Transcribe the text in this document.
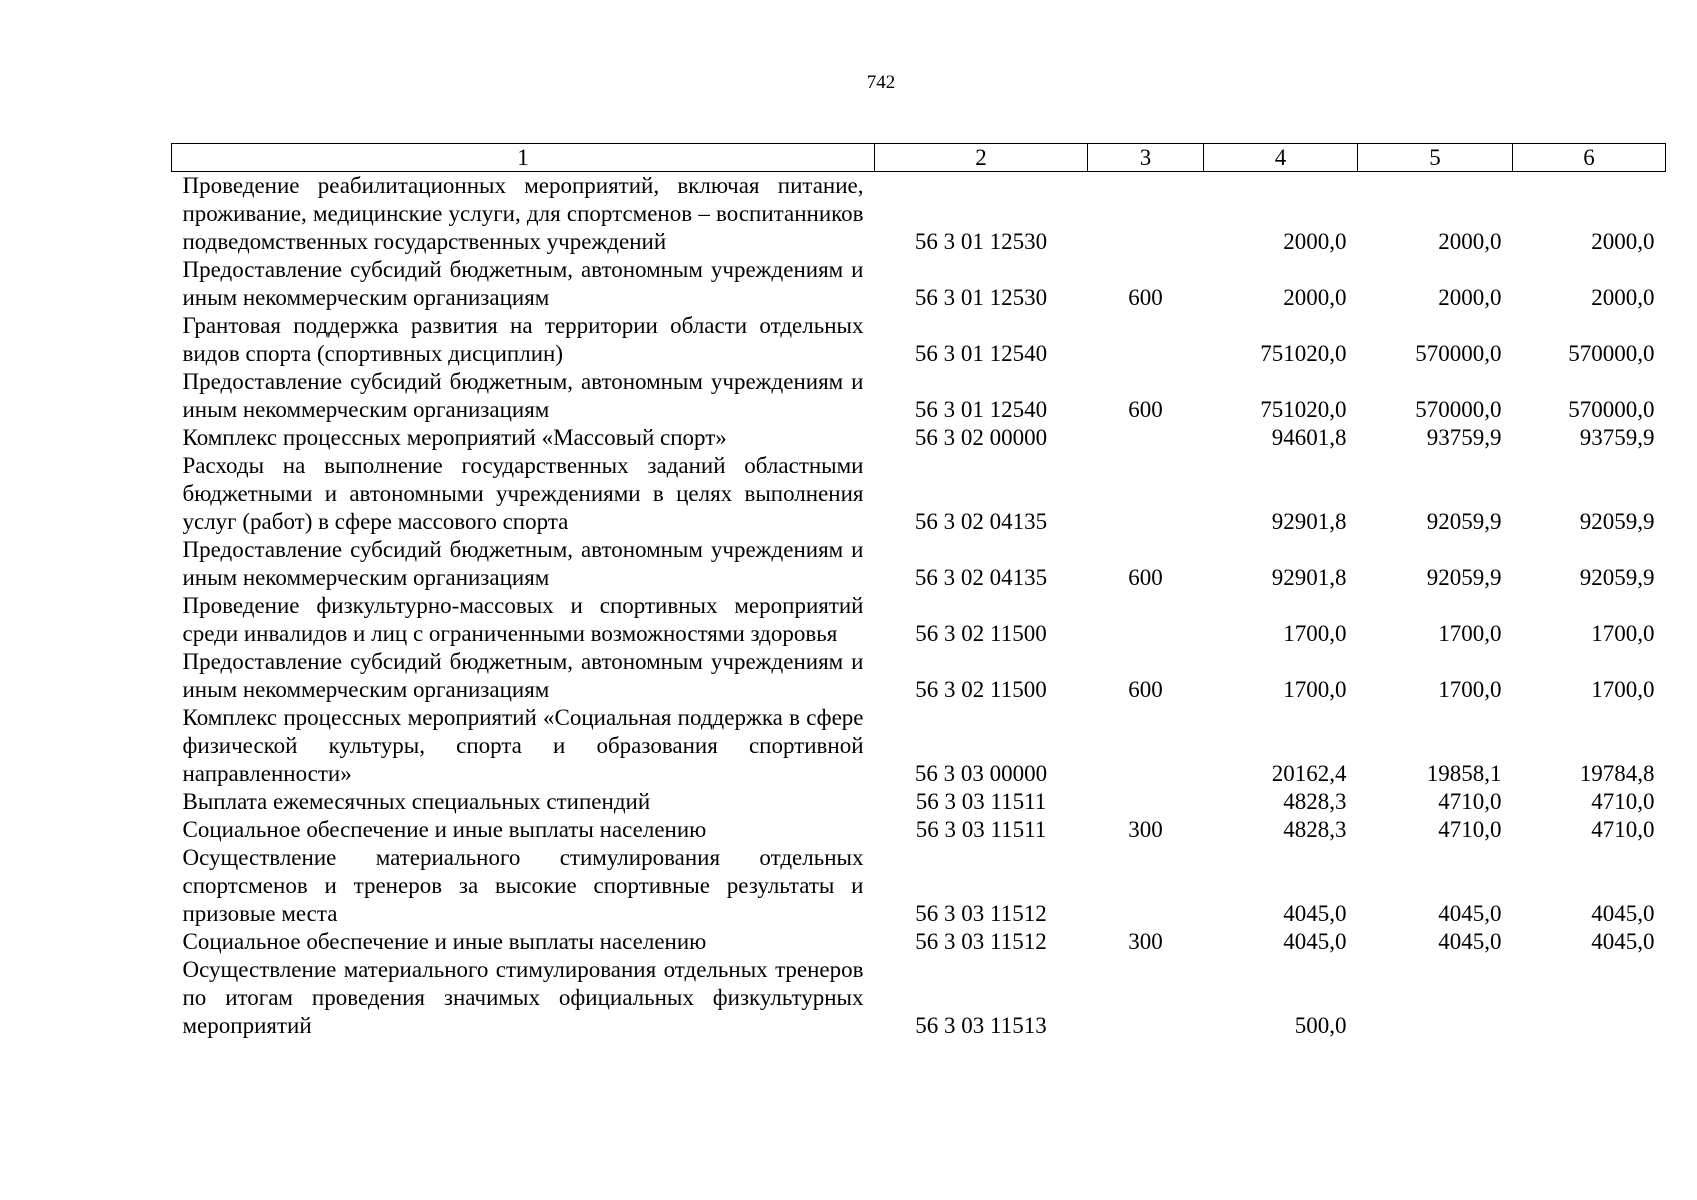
742
1	2	3	4	5	6
Проведение реабилитационных мероприятий, включая питание, проживание, медицинские услуги, для спортсменов – воспитанников подведомственных государственных учреждений	56 3 01 12530		2000,0	2000,0	2000,0
Предоставление субсидий бюджетным, автономным учреждениям и иным некоммерческим организациям	56 3 01 12530	600	2000,0	2000,0	2000,0
Грантовая поддержка развития на территории области отдельных видов спорта (спортивных дисциплин)	56 3 01 12540		751020,0	570000,0	570000,0
Предоставление субсидий бюджетным, автономным учреждениям и иным некоммерческим организациям	56 3 01 12540	600	751020,0	570000,0	570000,0
Комплекс процессных мероприятий «Массовый спорт»	56 3 02 00000		94601,8	93759,9	93759,9
Расходы на выполнение государственных заданий областными бюджетными и автономными учреждениями в целях выполнения услуг (работ) в сфере массового спорта	56 3 02 04135		92901,8	92059,9	92059,9
Предоставление субсидий бюджетным, автономным учреждениям и иным некоммерческим организациям	56 3 02 04135	600	92901,8	92059,9	92059,9
Проведение физкультурно-массовых и спортивных мероприятий среди инвалидов и лиц с ограниченными возможностями здоровья	56 3 02 11500		1700,0	1700,0	1700,0
Предоставление субсидий бюджетным, автономным учреждениям и иным некоммерческим организациям	56 3 02 11500	600	1700,0	1700,0	1700,0
Комплекс процессных мероприятий «Социальная поддержка в сфере физической культуры, спорта и образования спортивной направленности»	56 3 03 00000		20162,4	19858,1	19784,8
Выплата ежемесячных специальных стипендий	56 3 03 11511		4828,3	4710,0	4710,0
Социальное обеспечение и иные выплаты населению	56 3 03 11511	300	4828,3	4710,0	4710,0
Осуществление материального стимулирования отдельных спортсменов и тренеров за высокие спортивные результаты и призовые места	56 3 03 11512		4045,0	4045,0	4045,0
Социальное обеспечение и иные выплаты населению	56 3 03 11512	300	4045,0	4045,0	4045,0
Осуществление материального стимулирования отдельных тренеров по итогам проведения значимых официальных физкультурных мероприятий	56 3 03 11513		500,0		
